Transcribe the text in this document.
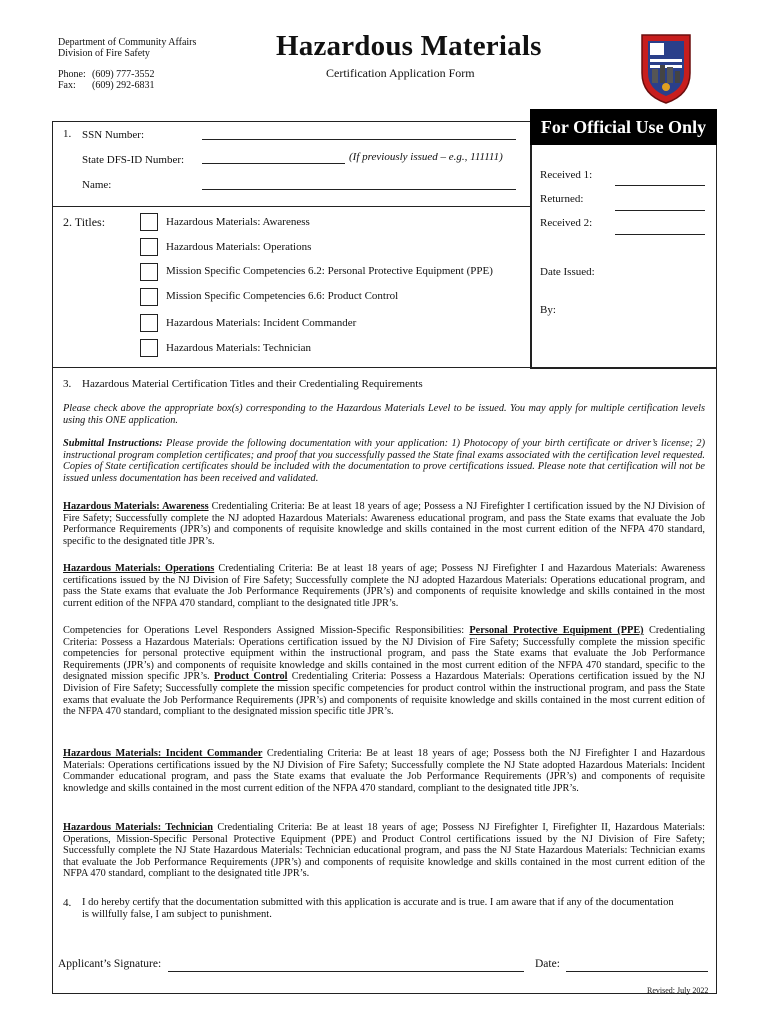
Department of Community Affairs
Division of Fire Safety
Phone: (609) 777-3552
Fax: (609) 292-6831
Hazardous Materials
Certification Application Form
1. SSN Number:
State DFS-ID Number:	(If previously issued – e.g., 111111)
Name:
2. Titles:	Hazardous Materials: Awareness
Hazardous Materials: Operations
Mission Specific Competencies 6.2: Personal Protective Equipment (PPE)
Mission Specific Competencies 6.6: Product Control
Hazardous Materials: Incident Commander
Hazardous Materials: Technician
For Official Use Only
Received 1:
Returned:
Received 2:
Date Issued:
By:
3. Hazardous Material Certification Titles and their Credentialing Requirements
Please check above the appropriate box(s) corresponding to the Hazardous Materials Level to be issued. You may apply for multiple certification levels using this ONE application.
Submittal Instructions: Please provide the following documentation with your application: 1) Photocopy of your birth certificate or driver’s license; 2) instructional program completion certificates; and proof that you successfully passed the State final exams associated with the certification level requested. Copies of State certification certificates should be included with the documentation to prove certifications issued. Please note that certification will not be issued unless documentation has been received and validated.
Hazardous Materials: Awareness Credentialing Criteria: Be at least 18 years of age; Possess a NJ Firefighter I certification issued by the NJ Division of Fire Safety; Successfully complete the NJ adopted Hazardous Materials: Awareness educational program, and pass the State exams that evaluate the Job Performance Requirements (JPR’s) and components of requisite knowledge and skills contained in the most current edition of the NFPA 470 standard, specific to the designated title JPR’s.
Hazardous Materials: Operations Credentialing Criteria: Be at least 18 years of age; Possess NJ Firefighter I and Hazardous Materials: Awareness certifications issued by the NJ Division of Fire Safety; Successfully complete the NJ adopted Hazardous Materials: Operations educational program, and pass the State exams that evaluate the Job Performance Requirements (JPR’s) and components of requisite knowledge and skills contained in the most current edition of the NFPA 470 standard, compliant to the designated title JPR’s.
Competencies for Operations Level Responders Assigned Mission-Specific Responsibilities: Personal Protective Equipment (PPE) Credentialing Criteria: Possess a Hazardous Materials: Operations certification issued by the NJ Division of Fire Safety; Successfully complete the mission specific competencies for personal protective equipment within the instructional program, and pass the State exams that evaluate the Job Performance Requirements (JPR’s) and components of requisite knowledge and skills contained in the most current edition of the NFPA 470 standard, specific to the designated mission specific JPR’s. Product Control Credentialing Criteria: Possess a Hazardous Materials: Operations certification issued by the NJ Division of Fire Safety; Successfully complete the mission specific competencies for product control within the instructional program, and pass the State exams that evaluate the Job Performance Requirements (JPR’s) and components of requisite knowledge and skills contained in the most current edition of the NFPA 470 standard, compliant to the designated mission specific title JPR’s.
Hazardous Materials: Incident Commander Credentialing Criteria: Be at least 18 years of age; Possess both the NJ Firefighter I and Hazardous Materials: Operations certifications issued by the NJ Division of Fire Safety; Successfully complete the NJ State adopted Hazardous Materials: Incident Commander educational program, and pass the State exams that evaluate the Job Performance Requirements (JPR’s) and components of requisite knowledge and skills contained in the most current edition of the NFPA 470 standard, compliant to the designated title JPR’s.
Hazardous Materials: Technician Credentialing Criteria: Be at least 18 years of age; Possess NJ Firefighter I, Firefighter II, Hazardous Materials: Operations, Mission-Specific Personal Protective Equipment (PPE) and Product Control certifications issued by the NJ Division of Fire Safety; Successfully complete the NJ State Hazardous Materials: Technician educational program, and pass the NJ State Hazardous Materials: Technician exams that evaluate the Job Performance Requirements (JPR’s) and components of requisite knowledge and skills contained in the most current edition of the NFPA 470 standard, compliant to the designated title JPR’s.
4. I do hereby certify that the documentation submitted with this application is accurate and is true. I am aware that if any of the documentation is willfully false, I am subject to punishment.
Applicant’s Signature:	Date:
Revised: July 2022
